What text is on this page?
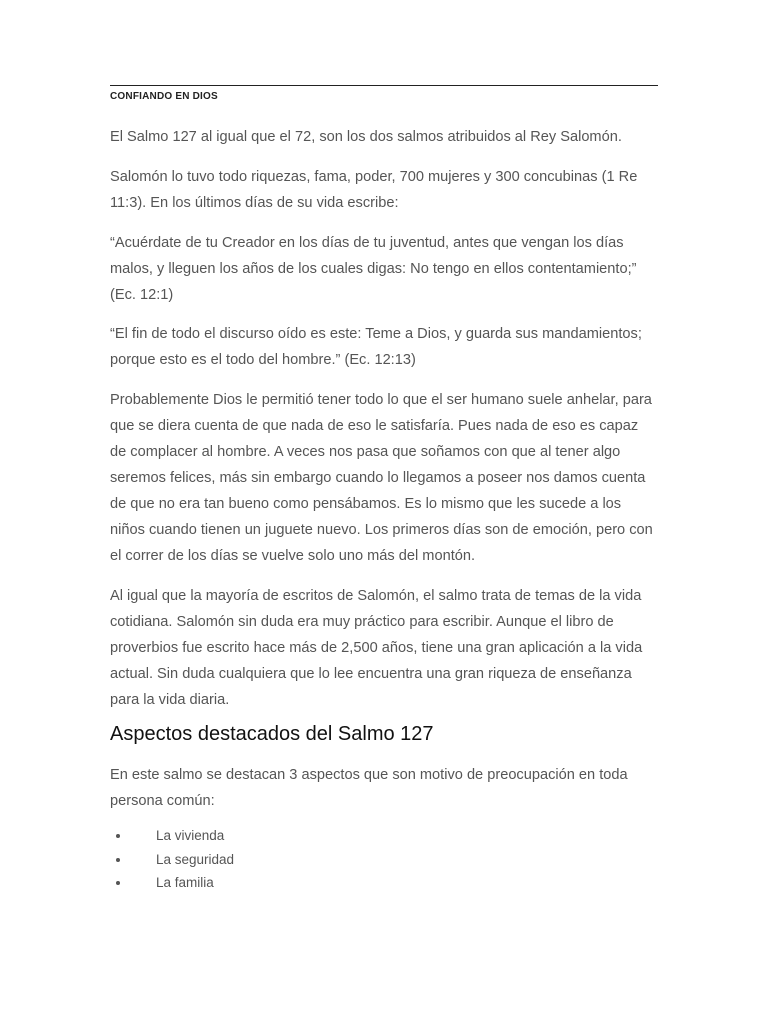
CONFIANDO EN DIOS

El Salmo 127 al igual que el 72, son los dos salmos atribuidos al Rey Salomón.

Salomón lo tuvo todo riquezas, fama, poder, 700 mujeres y 300 concubinas (1 Re 11:3). En los últimos días de su vida escribe:

“Acuérdate de tu Creador en los días de tu juventud, antes que vengan los días malos, y lleguen los años de los cuales digas: No tengo en ellos contentamiento;” (Ec. 12:1)

“El fin de todo el discurso oído es este: Teme a Dios, y guarda sus mandamientos; porque esto es el todo del hombre.” (Ec. 12:13)

Probablemente Dios le permitió tener todo lo que el ser humano suele anhelar, para que se diera cuenta de que nada de eso le satisfaría. Pues nada de eso es capaz de complacer al hombre. A veces nos pasa que soñamos con que al tener algo seremos felices, más sin embargo cuando lo llegamos a poseer nos damos cuenta de que no era tan bueno como pensábamos. Es lo mismo que les sucede a los niños cuando tienen un juguete nuevo. Los primeros días son de emoción, pero con el correr de los días se vuelve solo uno más del montón.

Al igual que la mayoría de escritos de Salomón, el salmo trata de temas de la vida cotidiana. Salomón sin duda era muy práctico para escribir. Aunque el libro de proverbios fue escrito hace más de 2,500 años, tiene una gran aplicación a la vida actual. Sin duda cualquiera que lo lee encuentra una gran riqueza de enseñanza para la vida diaria.

Aspectos destacados del Salmo 127

En este salmo se destacan 3 aspectos que son motivo de preocupación en toda persona común:

La vivienda
La seguridad
La familia
